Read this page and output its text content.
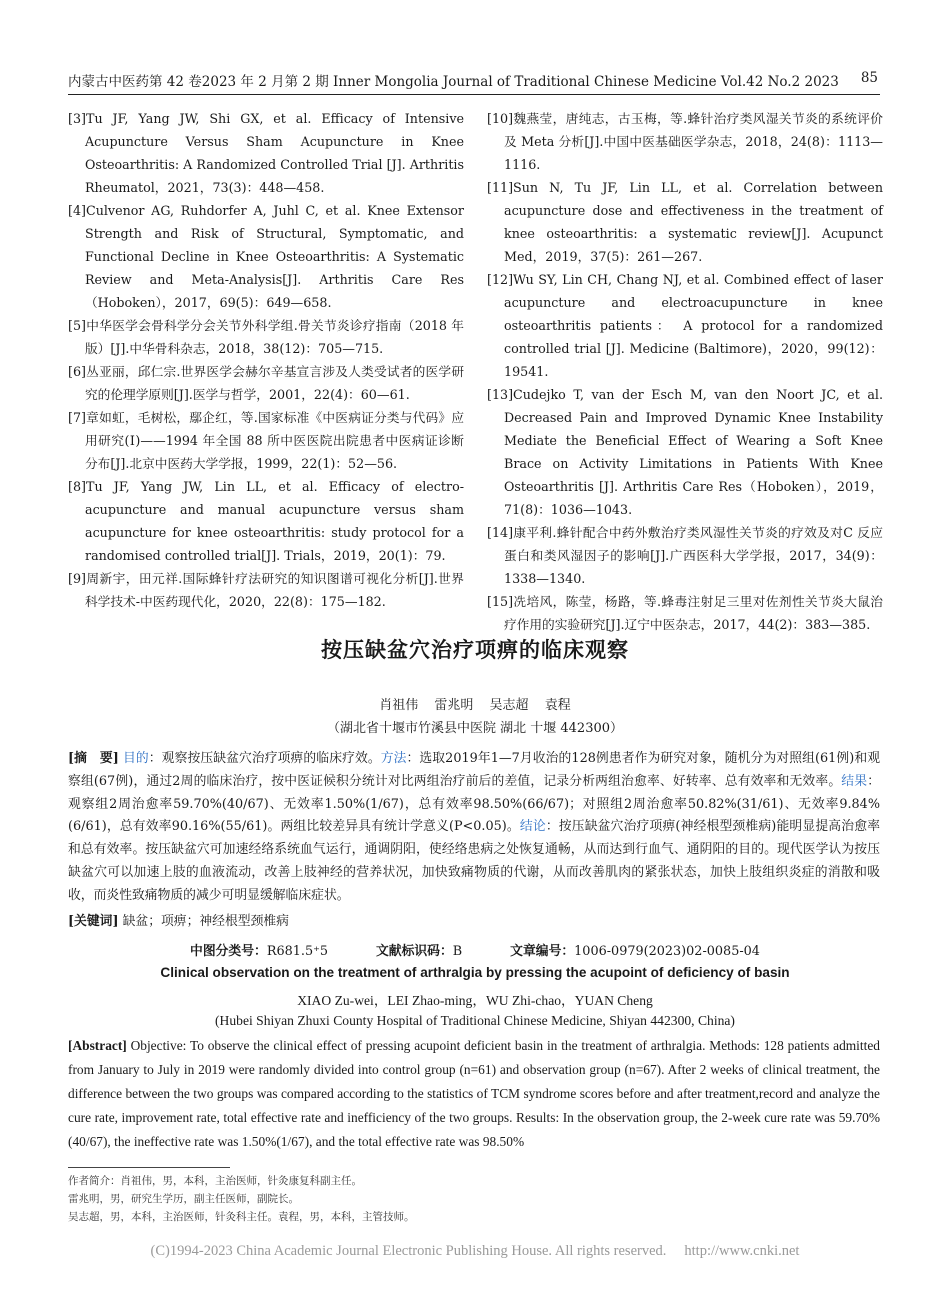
内蒙古中医药第 42 卷2023 年 2 月第 2 期 Inner Mongolia Journal of Traditional Chinese Medicine Vol.42 No.2 2023 85
[3]Tu JF, Yang JW, Shi GX, et al. Efficacy of Intensive Acupuncture Versus Sham Acupuncture in Knee Osteoarthritis: A Randomized Controlled Trial [J]. Arthritis Rheumatol，2021，73(3)：448—458.
[4]Culvenor AG, Ruhdorfer A, Juhl C, et al. Knee Extensor Strength and Risk of Structural, Symptomatic, and Functional Decline in Knee Osteoarthritis: A Systematic Review and Meta-Analysis[J]. Arthritis Care Res（Hoboken），2017，69(5)：649—658.
[5]中华医学会骨科学分会关节外科学组.骨关节炎诊疗指南（2018 年版）[J].中华骨科杂志，2018，38(12)：705—715.
[6]丛亚丽，邱仁宗.世界医学会赫尔辛基宣言涉及人类受试者的医学研究的伦理学原则[J].医学与哲学，2001，22(4)：60—61.
[7]章如虹，毛树松，鄢企红，等.国家标准《中医病证分类与代码》应用研究(Ⅰ)——1994 年全国 88 所中医医院出院患者中医病证诊断分布[J].北京中医药大学学报，1999，22(1)：52—56.
[8]Tu JF, Yang JW, Lin LL, et al. Efficacy of electro-acupuncture and manual acupuncture versus sham acupuncture for knee osteoarthritis: study protocol for a randomised controlled trial[J]. Trials，2019，20(1)：79.
[9]周新宇，田元祥.国际蜂针疗法研究的知识图谱可视化分析[J].世界科学技术-中医药现代化，2020，22(8)：175—182.
[10]魏燕莹，唐纯志，古玉梅，等.蜂针治疗类风湿关节炎的系统评价及 Meta 分析[J].中国中医基础医学杂志，2018，24(8)：1113—1116.
[11]Sun N, Tu JF, Lin LL, et al. Correlation between acupuncture dose and effectiveness in the treatment of knee osteoarthritis: a systematic review[J]. Acupunct Med，2019，37(5)：261—267.
[12]Wu SY, Lin CH, Chang NJ, et al. Combined effect of laser acupuncture and electroacupuncture in knee osteoarthritis patients： A protocol for a randomized controlled trial [J]. Medicine (Baltimore)，2020，99(12)：19541.
[13]Cudejko T, van der Esch M, van den Noort JC, et al. Decreased Pain and Improved Dynamic Knee Instability Mediate the Beneficial Effect of Wearing a Soft Knee Brace on Activity Limitations in Patients With Knee Osteoarthritis [J]. Arthritis Care Res（Hoboken），2019，71(8)：1036—1043.
[14]康平利.蜂针配合中药外敷治疗类风湿性关节炎的疗效及对C 反应蛋白和类风湿因子的影响[J].广西医科大学学报，2017，34(9)：1338—1340.
[15]冼培风，陈莹，杨路，等.蜂毒注射足三里对佐剂性关节炎大鼠治疗作用的实验研究[J].辽宁中医杂志，2017，44(2)：383—385.
按压缺盆穴治疗项痹的临床观察
肖祖伟 雷兆明 吴志超 袁程
（湖北省十堰市竹溪县中医院 湖北 十堰 442300）
[摘　要] 目的：观察按压缺盆穴治疗项痹的临床疗效。方法：选取2019年1—7月收治的128例患者作为研究对象，随机分为对照组(61例)和观察组(67例)，通过2周的临床治疗，按中医证候积分统计对比两组治疗前后的差值，记录分析两组治愈率、好转率、总有效率和无效率。结果：观察组2周治愈率59.70%(40/67)、无效率1.50%(1/67)，总有效率98.50%(66/67)；对照组2周治愈率50.82%(31/61)、无效率9.84%(6/61)，总有效率90.16%(55/61)。两组比较差异具有统计学意义(P<0.05)。结论：按压缺盆穴治疗项痹(神经根型颈椎病)能明显提高治愈率和总有效率。按压缺盆穴可加速经络系统血气运行，通调阴阳，使经络患病之处恢复通畅，从而达到行血气、通阴阳的目的。现代医学认为按压缺盆穴可以加速上肢的血液流动，改善上肢神经的营养状况，加快致痛物质的代谢，从而改善肌肉的紧张状态，加快上肢组织炎症的消散和吸收，而炎性致痛物质的减少可明显缓解临床症状。
[关键词] 缺盆；项痹；神经根型颈椎病
中图分类号：R681.5⁺5	文献标识码：B	文章编号：1006-0979(2023)02-0085-04
Clinical observation on the treatment of arthralgia by pressing the acupoint of deficiency of basin
XIAO Zu-wei，LEI Zhao-ming，WU Zhi-chao，YUAN Cheng
(Hubei Shiyan Zhuxi County Hospital of Traditional Chinese Medicine, Shiyan 442300, China)
[Abstract] Objective: To observe the clinical effect of pressing acupoint deficient basin in the treatment of arthralgia. Methods: 128 patients admitted from January to July in 2019 were randomly divided into control group (n=61) and observation group (n=67). After 2 weeks of clinical treatment, the difference between the two groups was compared according to the statistics of TCM syndrome scores before and after treatment,record and analyze the cure rate, improvement rate, total effective rate and inefficiency of the two groups. Results: In the observation group, the 2-week cure rate was 59.70%(40/67), the ineffective rate was 1.50%(1/67), and the total effective rate was 98.50%
作者简介：肖祖伟，男，本科，主治医师，针灸康复科副主任。
雷兆明，男，研究生学历，副主任医师，副院长。
吴志超，男，本科，主治医师，针灸科主任。袁程，男，本科，主管技师。
(C)1994-2023 China Academic Journal Electronic Publishing House. All rights reserved. http://www.cnki.net
